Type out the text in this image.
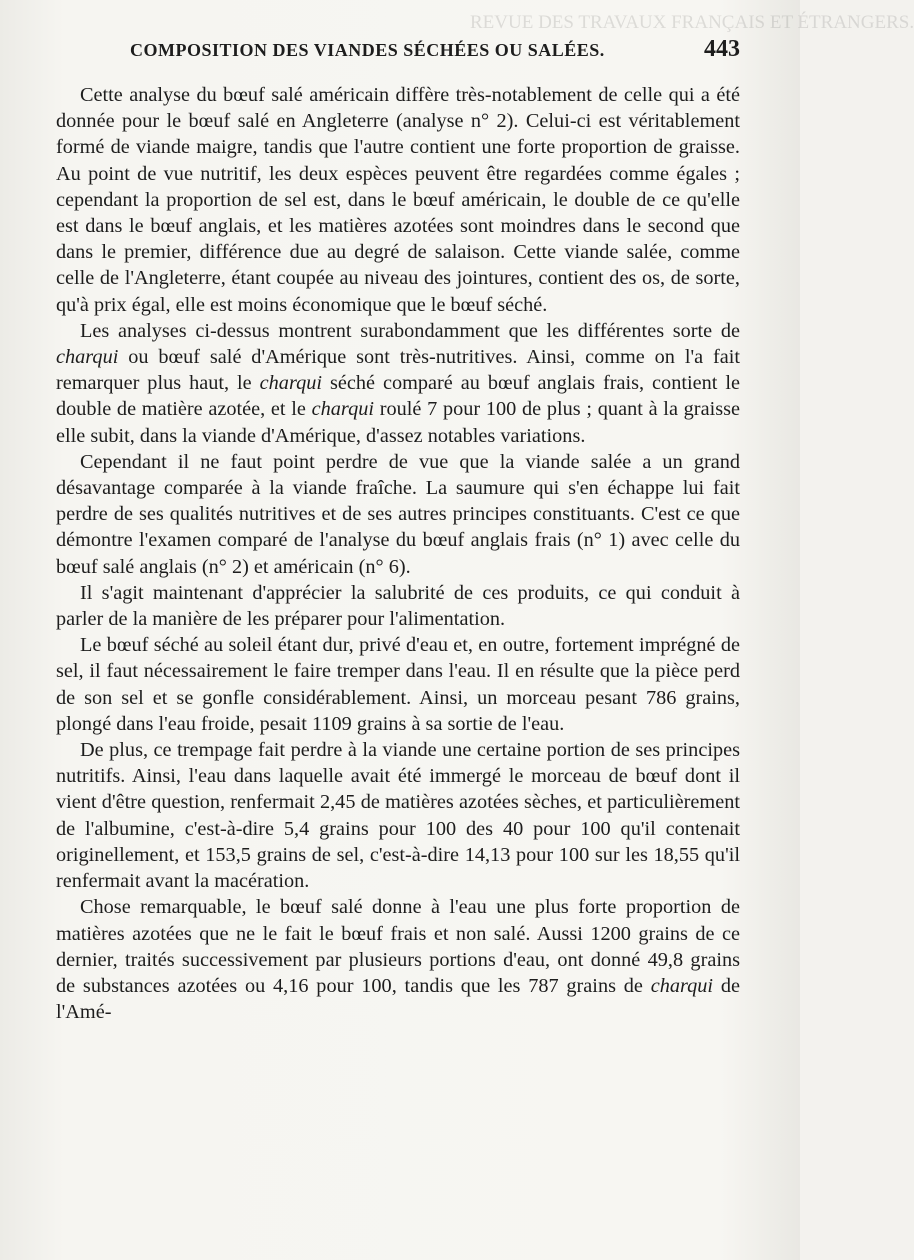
REVUE DES TRAVAUX FRANÇAIS ET ÉTRANGERS.
COMPOSITION DES VIANDES SÉCHÉES OU SALÉES.	443

Cette analyse du bœuf salé américain diffère très-notablement de celle qui a été donnée pour le bœuf salé en Angleterre (analyse n° 2). Celui-ci est véritablement formé de viande maigre, tandis que l'autre contient une forte proportion de graisse. Au point de vue nutritif, les deux espèces peuvent être regardées comme égales ; cependant la proportion de sel est, dans le bœuf américain, le double de ce qu'elle est dans le bœuf anglais, et les matières azotées sont moindres dans le second que dans le premier, différence due au degré de salaison. Cette viande salée, comme celle de l'Angleterre, étant coupée au niveau des jointures, contient des os, de sorte, qu'à prix égal, elle est moins économique que le bœuf séché.

Les analyses ci-dessus montrent surabondamment que les différentes sorte de charqui ou bœuf salé d'Amérique sont très-nutritives. Ainsi, comme on l'a fait remarquer plus haut, le charqui séché comparé au bœuf anglais frais, contient le double de matière azotée, et le charqui roulé 7 pour 100 de plus ; quant à la graisse elle subit, dans la viande d'Amérique, d'assez notables variations.

Cependant il ne faut point perdre de vue que la viande salée a un grand désavantage comparée à la viande fraîche. La saumure qui s'en échappe lui fait perdre de ses qualités nutritives et de ses autres principes constituants. C'est ce que démontre l'examen comparé de l'analyse du bœuf anglais frais (n° 1) avec celle du bœuf salé anglais (n° 2) et américain (n° 6).

Il s'agit maintenant d'apprécier la salubrité de ces produits, ce qui conduit à parler de la manière de les préparer pour l'alimentation.

Le bœuf séché au soleil étant dur, privé d'eau et, en outre, fortement imprégné de sel, il faut nécessairement le faire tremper dans l'eau. Il en résulte que la pièce perd de son sel et se gonfle considérablement. Ainsi, un morceau pesant 786 grains, plongé dans l'eau froide, pesait 1109 grains à sa sortie de l'eau.

De plus, ce trempage fait perdre à la viande une certaine portion de ses principes nutritifs. Ainsi, l'eau dans laquelle avait été immergé le morceau de bœuf dont il vient d'être question, renfermait 2,45 de matières azotées sèches, et particulièrement de l'albumine, c'est-à-dire 5,4 grains pour 100 des 40 pour 100 qu'il contenait originellement, et 153,5 grains de sel, c'est-à-dire 14,13 pour 100 sur les 18,55 qu'il renfermait avant la macération.

Chose remarquable, le bœuf salé donne à l'eau une plus forte proportion de matières azotées que ne le fait le bœuf frais et non salé. Aussi 1200 grains de ce dernier, traités successivement par plusieurs portions d'eau, ont donné 49,8 grains de substances azotées ou 4,16 pour 100, tandis que les 787 grains de charqui de l'Amé-
